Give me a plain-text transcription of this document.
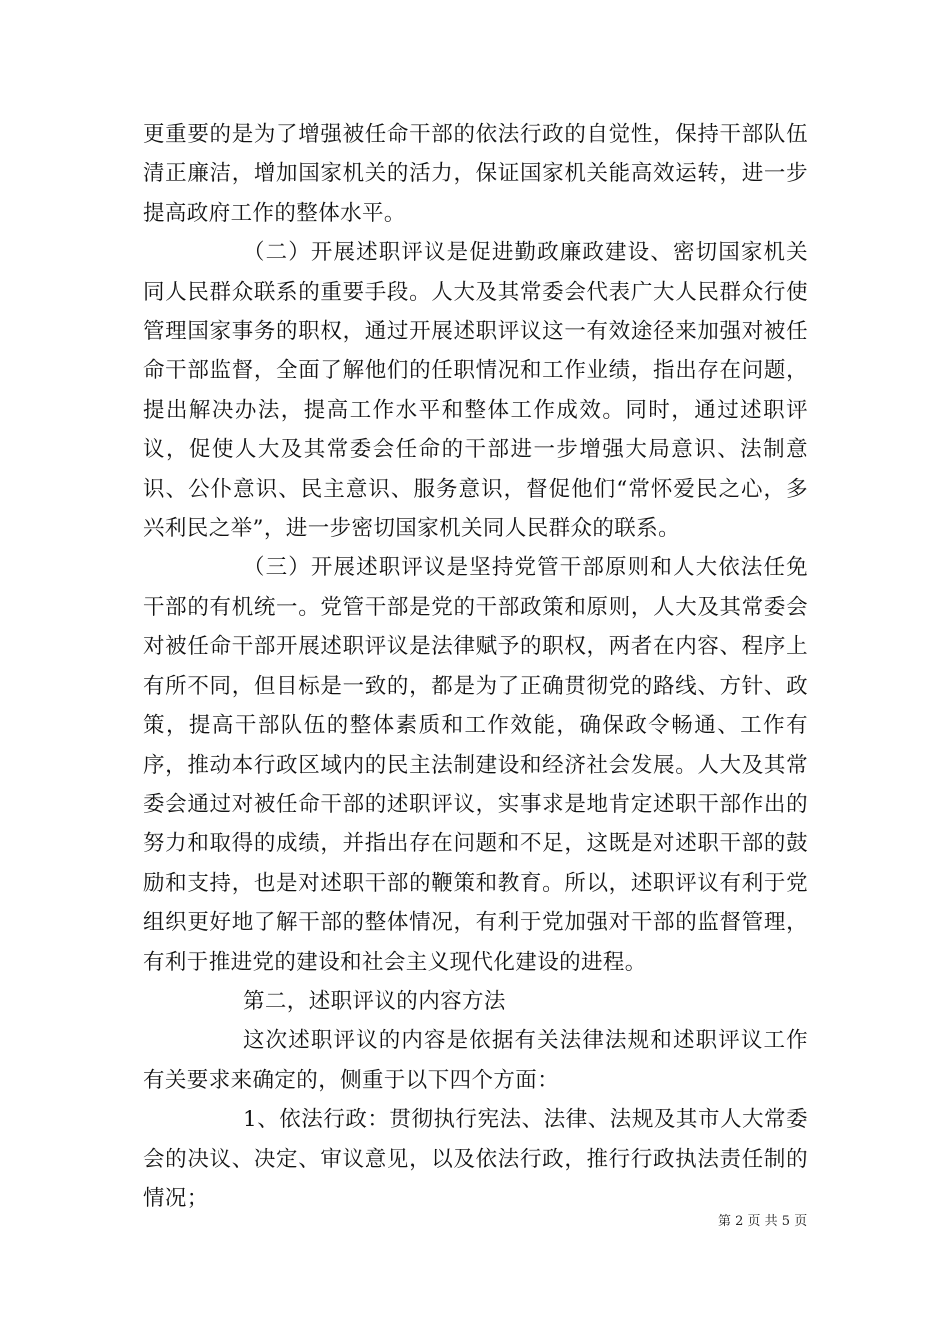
更重要的是为了增强被任命干部的依法行政的自觉性，保持干部队伍清正廉洁，增加国家机关的活力，保证国家机关能高效运转，进一步提高政府工作的整体水平。

（二）开展述职评议是促进勤政廉政建设、密切国家机关同人民群众联系的重要手段。人大及其常委会代表广大人民群众行使管理国家事务的职权，通过开展述职评议这一有效途径来加强对被任命干部监督，全面了解他们的任职情况和工作业绩，指出存在问题，提出解决办法，提高工作水平和整体工作成效。同时，通过述职评议，促使人大及其常委会任命的干部进一步增强大局意识、法制意识、公仆意识、民主意识、服务意识，督促他们“常怀爱民之心，多兴利民之举”，进一步密切国家机关同人民群众的联系。

（三）开展述职评议是坚持党管干部原则和人大依法任免干部的有机统一。党管干部是党的干部政策和原则，人大及其常委会对被任命干部开展述职评议是法律赋予的职权，两者在内容、程序上有所不同，但目标是一致的，都是为了正确贯彻党的路线、方针、政策，提高干部队伍的整体素质和工作效能，确保政令畅通、工作有序，推动本行政区域内的民主法制建设和经济社会发展。人大及其常委会通过对被任命干部的述职评议，实事求是地肯定述职干部作出的努力和取得的成绩，并指出存在问题和不足，这既是对述职干部的鼓励和支持，也是对述职干部的鞭策和教育。所以，述职评议有利于党组织更好地了解干部的整体情况，有利于党加强对干部的监督管理，有利于推进党的建设和社会主义现代化建设的进程。

第二，述职评议的内容方法

这次述职评议的内容是依据有关法律法规和述职评议工作有关要求来确定的，侧重于以下四个方面：

1、依法行政：贯彻执行宪法、法律、法规及其市人大常委会的决议、决定、审议意见，以及依法行政，推行行政执法责任制的情况；

第 2 页 共 5 页
